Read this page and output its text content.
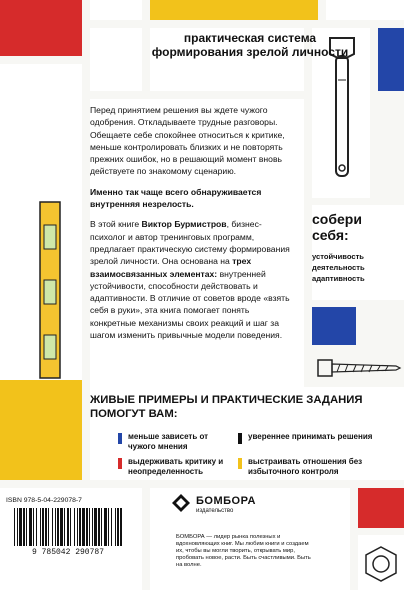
практическая система формирования зрелой личности

Перед принятием решения вы ждете чужого одобрения. Откладываете трудные разговоры. Обещаете себе спокойнее относиться к критике, меньше контролировать близких и не повторять прежних ошибок, но в решающий момент вновь действуете по знакомому сценарию.

Именно так чаще всего обнаруживается внутренняя незрелость.

В этой книге Виктор Бурмистров, бизнес-психолог и автор тренинговых программ, предлагает практическую систему формирования зрелой личности. Она основана на трех взаимосвязанных элементах: внутренней устойчивости, способности действовать и адаптивности. В отличие от советов вроде «взять себя в руки», эта книга помогает понять конкретные механизмы своих реакций и шаг за шагом изменить привычные модели поведения.

собери
себя:
устойчивость
деятельность
адаптивность
ЖИВЫЕ ПРИМЕРЫ И ПРАКТИЧЕСКИЕ ЗАДАНИЯ ПОМОГУТ ВАМ:
меньше зависеть от чужого мнения
увереннее принимать решения
выдерживать критику и неопределенность
выстраивать отношения без избыточного контроля
ISBN 978-5-04-229078-7
9 785042 290787
БОМБОРА
издательство
БОМБОРА — лидер рынка полезных и вдохновляющих книг. Мы любим книги и создаем их, чтобы вы могли творить, открывать мир, пробовать новое, расти. Быть счастливыми. Быть на волне.
